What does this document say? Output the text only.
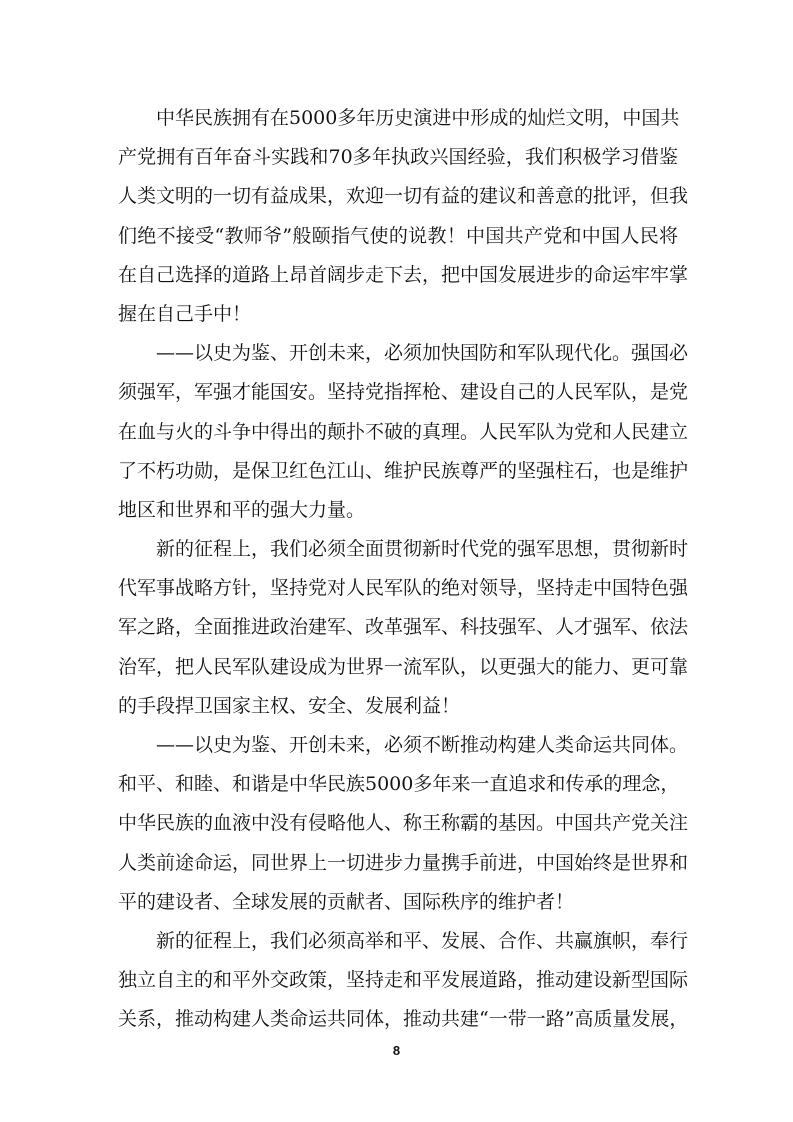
中华民族拥有在5000多年历史演进中形成的灿烂文明，中国共

产党拥有百年奋斗实践和70多年执政兴国经验，我们积极学习借鉴

人类文明的一切有益成果，欢迎一切有益的建议和善意的批评，但我

们绝不接受“教师爷”般颐指气使的说教！中国共产党和中国人民将

在自己选择的道路上昂首阔步走下去，把中国发展进步的命运牢牢掌

握在自己手中！

——以史为鉴、开创未来，必须加快国防和军队现代化。强国必

须强军，军强才能国安。坚持党指挥枪、建设自己的人民军队，是党

在血与火的斗争中得出的颠扑不破的真理。人民军队为党和人民建立

了不朽功勋，是保卫红色江山、维护民族尊严的坚强柱石，也是维护

地区和世界和平的强大力量。

新的征程上，我们必须全面贯彻新时代党的强军思想，贯彻新时

代军事战略方针，坚持党对人民军队的绝对领导，坚持走中国特色强

军之路，全面推进政治建军、改革强军、科技强军、人才强军、依法

治军，把人民军队建设成为世界一流军队，以更强大的能力、更可靠

的手段捍卫国家主权、安全、发展利益！

——以史为鉴、开创未来，必须不断推动构建人类命运共同体。

和平、和睦、和谐是中华民族5000多年来一直追求和传承的理念，

中华民族的血液中没有侵略他人、称王称霸的基因。中国共产党关注

人类前途命运，同世界上一切进步力量携手前进，中国始终是世界和

平的建设者、全球发展的贡献者、国际秩序的维护者！

新的征程上，我们必须高举和平、发展、合作、共赢旗帜，奉行

独立自主的和平外交政策，坚持走和平发展道路，推动建设新型国际

关系，推动构建人类命运共同体，推动共建“一带一路”高质量发展，

8
